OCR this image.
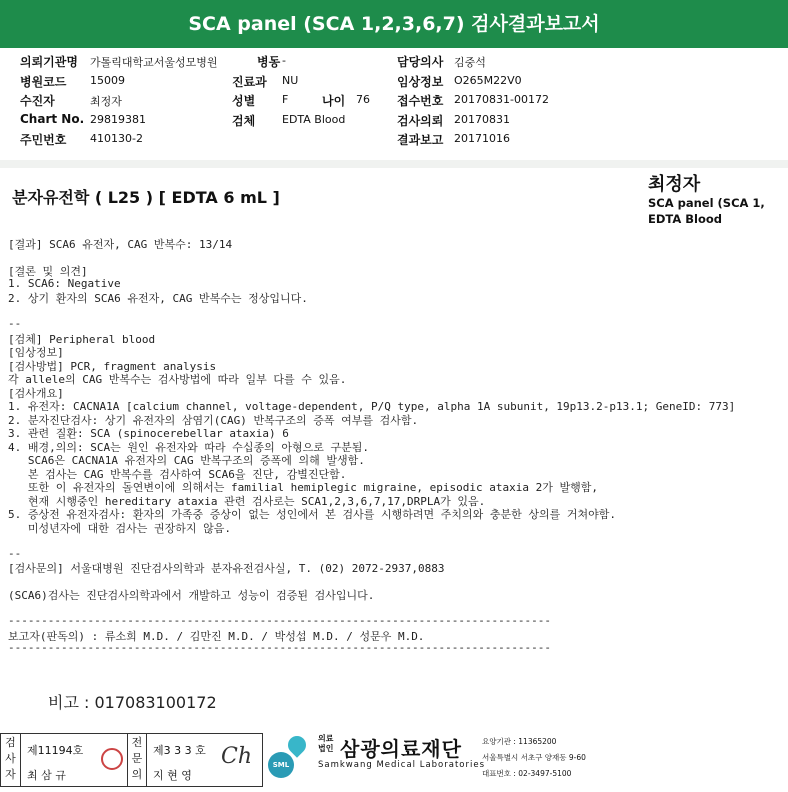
SCA panel (SCA 1,2,3,6,7) 검사결과보고서
의뢰기관명 가톨릭대학교서울성모병원	병동 -	담당의사 김중석
병원코드 15009	진료과 NU	임상정보 O265M22V0
수진자	최정자	성별 F	나이 76 접수번호 20170831-00172
Chart No. 29819381	검체 EDTA Blood	검사의뢰 20170831
주민번호 410130-2	결과보고 20171016
분자유전학 ( L25 ) [ EDTA 6 mL ]
최정자
SCA panel (SCA 1,
EDTA Blood
[결과] SCA6 유전자, CAG 반복수: 13/14
[결론 및 의견]
1. SCA6: Negative
2. 상기 환자의 SCA6 유전자, CAG 반복수는 정상입니다.
--
[검체] Peripheral blood
[임상정보]
[검사방법] PCR, fragment analysis
각 allele의 CAG 반복수는 검사방법에 따라 일부 다를 수 있음.
[검사개요]
1. 유전자: CACNA1A [calcium channel, voltage-dependent, P/Q type, alpha 1A subunit, 19p13.2-p13.1; GeneID: 773]
2. 분자진단검사: 상기 유전자의 삼염기(CAG) 반복구조의 증폭 여부를 검사함.
3. 관련 질환: SCA (spinocerebellar ataxia) 6
4. 배경,의의: SCA는 원인 유전자와 따라 수십종의 아형으로 구분됨.
SCA6은 CACNA1A 유전자의 CAG 반복구조의 증폭에 의해 발생함.
본 검사는 CAG 반복수를 검사하여 SCA6을 진단, 감별진단함.
또한 이 유전자의 돌연변이에 의해서는 familial hemiplegic migraine, episodic ataxia 2가 발행함,
현재 시행중인 hereditary ataxia 관련 검사로는 SCA1,2,3,6,7,17,DRPLA가 있음.
5. 증상전 유전자검사: 환자의 가족중 증상이 없는 성인에서 본 검사를 시행하려면 주치의와 충분한 상의를 거쳐야함.
미성년자에 대한 검사는 권장하지 않음.
--
[검사문의] 서울대병원 진단검사의학과 분자유전검사실, T. (02) 2072-2937,0883
(SCA6)검사는 진단검사의학과에서 개발하고 성능이 검증된 검사입니다.
----------------------------------------------------------------------------------
보고자(판독의) : 류소희 M.D. / 김만진 M.D. / 박성섭 M.D. / 성문우 M.D.
----------------------------------------------------------------------------------
비고 : 017083100172
검
사
자
제11194호
최 삼 규
전
문
의
제3 3 3 호
지 현 영
Ch	SML
의료
법인 삼광의료재단
Samkwang Medical Laboratories
요양기관 : 11365200
서울특별시 서초구 양재동 9-60
대표번호 : 02-3497-5100
